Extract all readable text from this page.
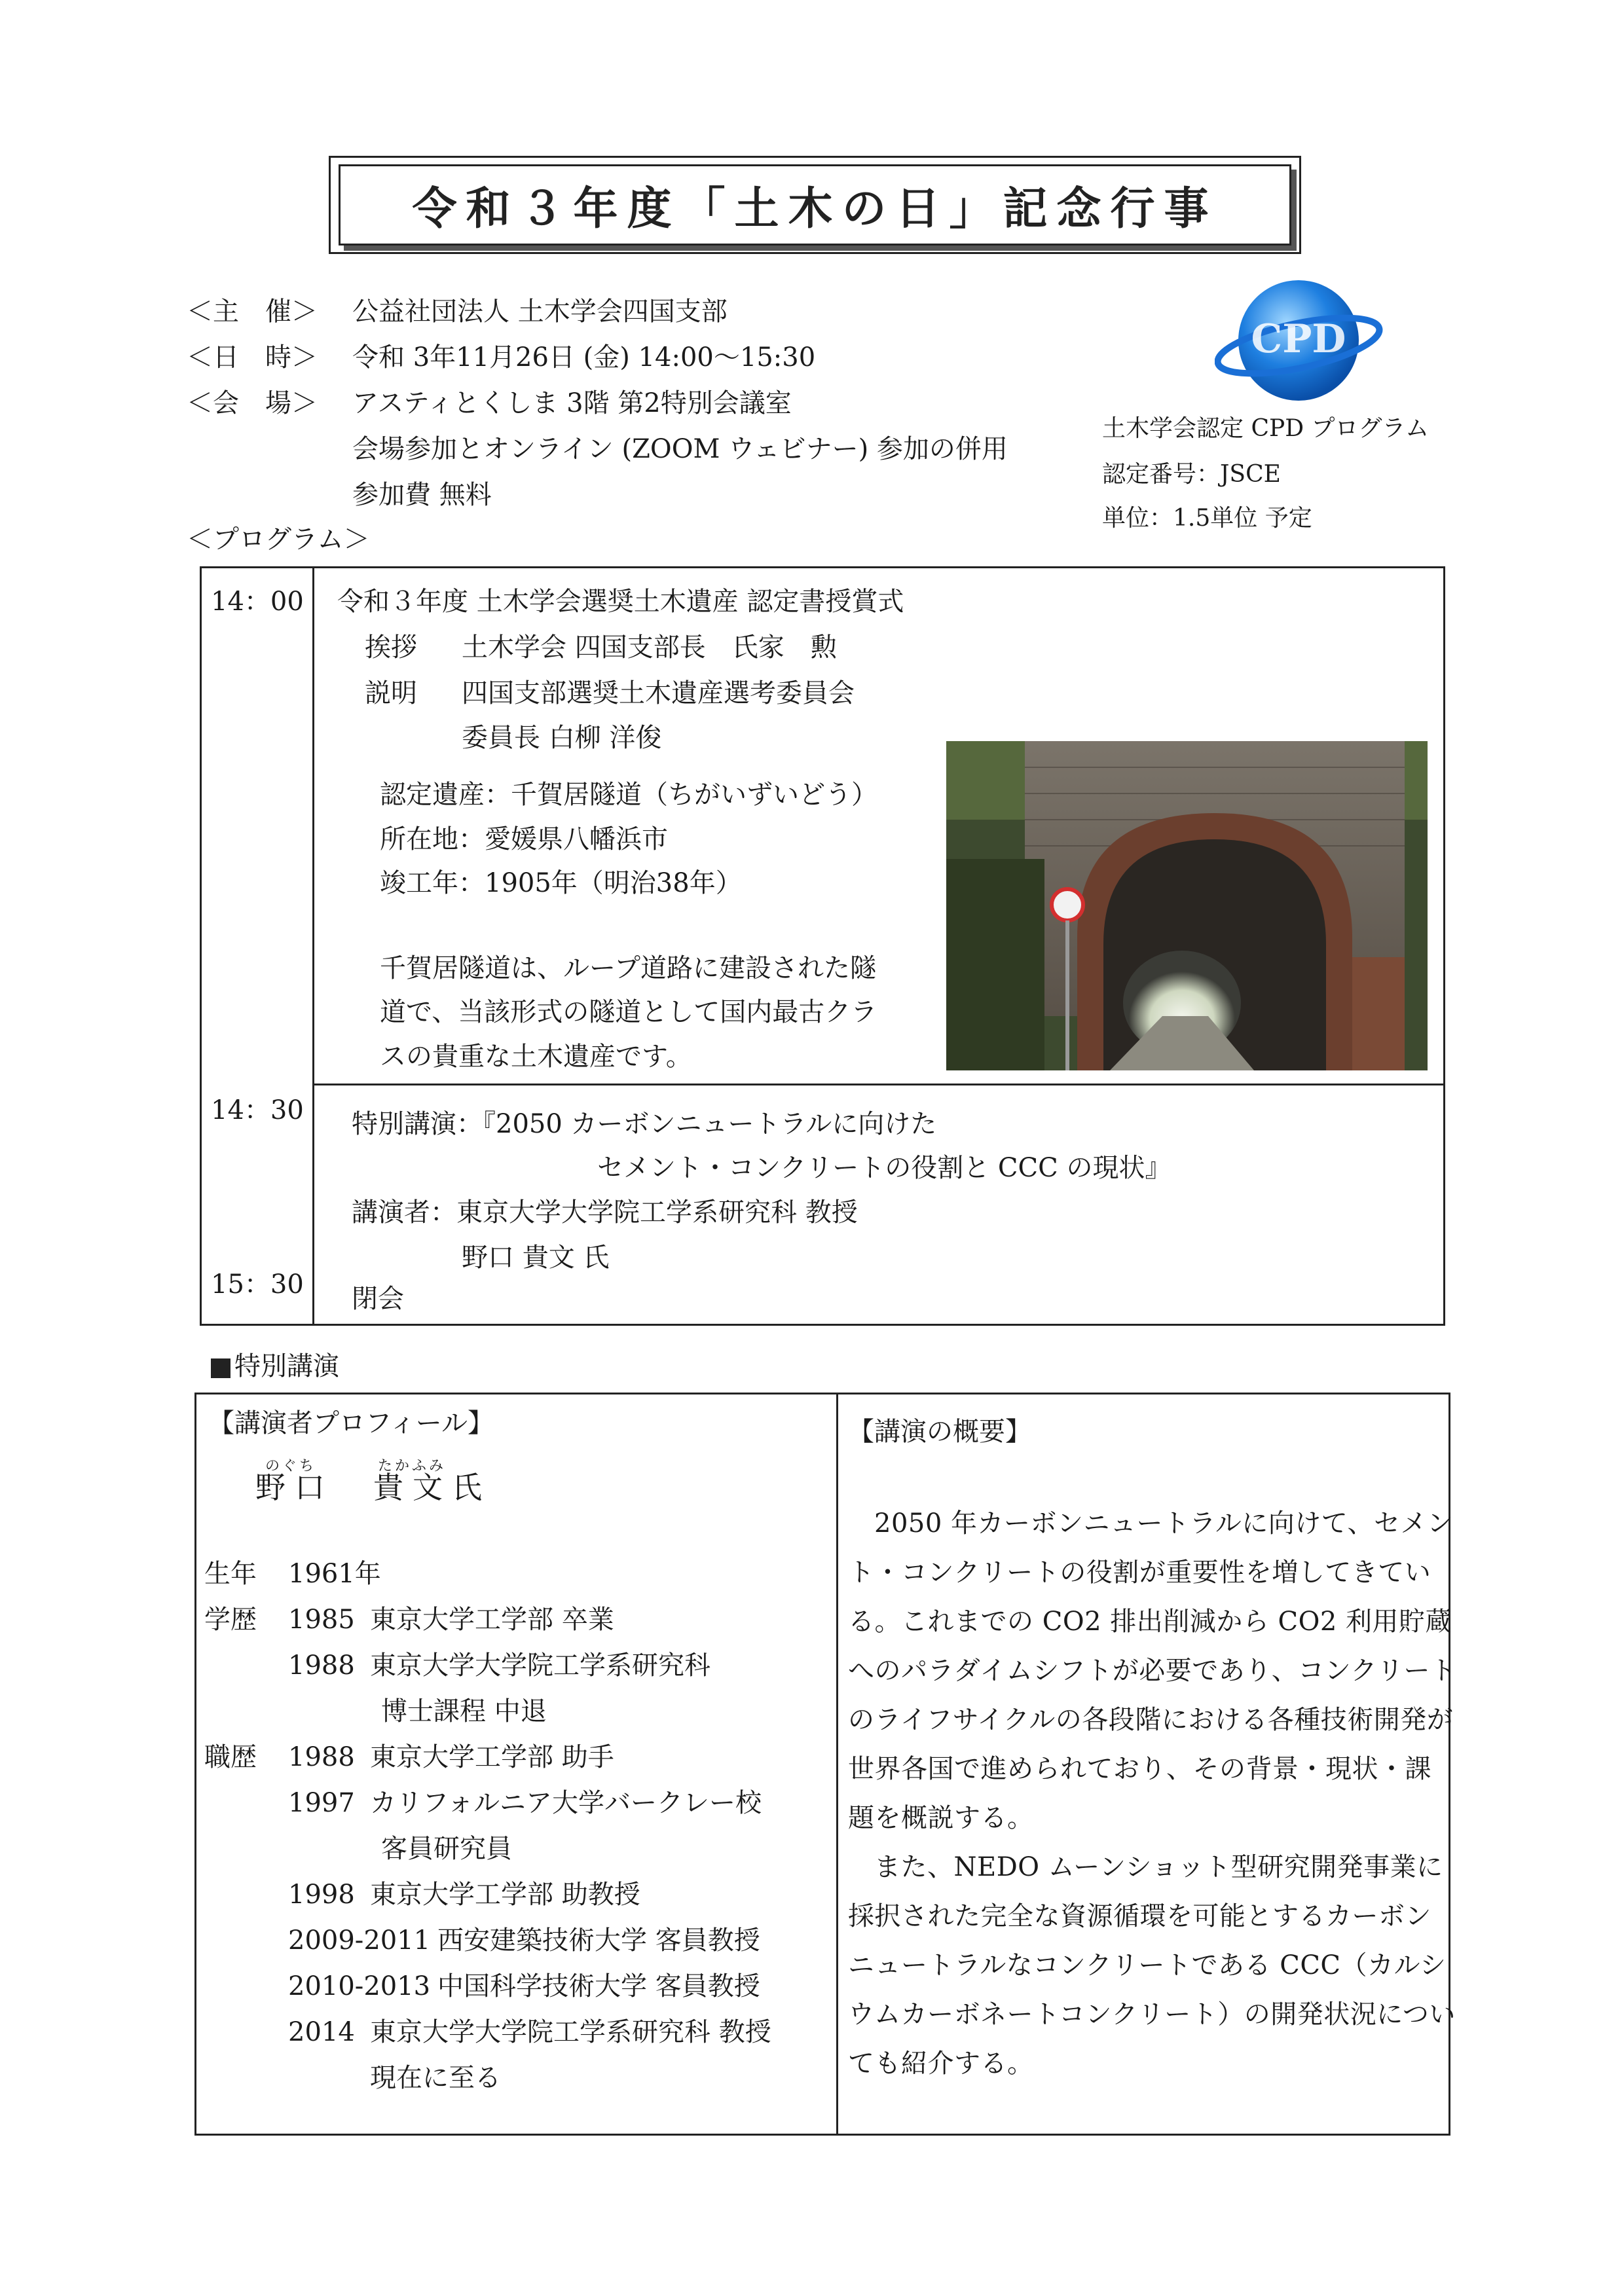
令和３年度「土木の日」記念行事
＜主　催＞ 公益社団法人 土木学会四国支部
＜日　時＞ 令和 3年11月26日 (金) 14:00～15:30
＜会　場＞ アスティとくしま 3階 第2特別会議室
会場参加とオンライン (ZOOM ウェビナー) 参加の併用
参加費 無料
＜プログラム＞
CPD
土木学会認定 CPD プログラム
認定番号：JSCE
単位：1.5単位 予定
14：00 令和３年度 土木学会選奨土木遺産 認定書授賞式
挨拶 土木学会 四国支部長　氏家　勲
説明 四国支部選奨土木遺産選考委員会
委員長 白柳 洋俊
認定遺産：千賀居隧道（ちがいずいどう）
所在地：愛媛県八幡浜市
竣工年：1905年（明治38年）
千賀居隧道は、ループ道路に建設された隧
道で、当該形式の隧道として国内最古クラ
スの貴重な土木遺産です。
14：30 特別講演：『2050 カーボンニュートラルに向けた
セメント・コンクリートの役割と CCC の現状』
講演者：東京大学大学院工学系研究科 教授
野口 貴文 氏
15：30 閉会
特別講演
【講演者プロフィール】
のぐち	たかふみ
野口　貴文氏
生年 1961年
学歴 1985 東京大学工学部 卒業
1988 東京大学大学院工学系研究科
博士課程 中退
職歴 1988 東京大学工学部 助手
1997 カリフォルニア大学バークレー校
客員研究員
1998 東京大学工学部 助教授
2009-2011 西安建築技術大学 客員教授
2010-2013 中国科学技術大学 客員教授
2014 東京大学大学院工学系研究科 教授
現在に至る
【講演の概要】
2050 年カーボンニュートラルに向けて、セメント・コンクリートの役割が重要性を増してきている。これまでの CO2 排出削減から CO2 利用貯蔵へのパラダイムシフトが必要であり、コンクリートのライフサイクルの各段階における各種技術開発が世界各国で進められており、その背景・現状・課題を概説する。
また、NEDO ムーンショット型研究開発事業に採択された完全な資源循環を可能とするカーボンニュートラルなコンクリートである CCC（カルシウムカーボネートコンクリート）の開発状況についても紹介する。
